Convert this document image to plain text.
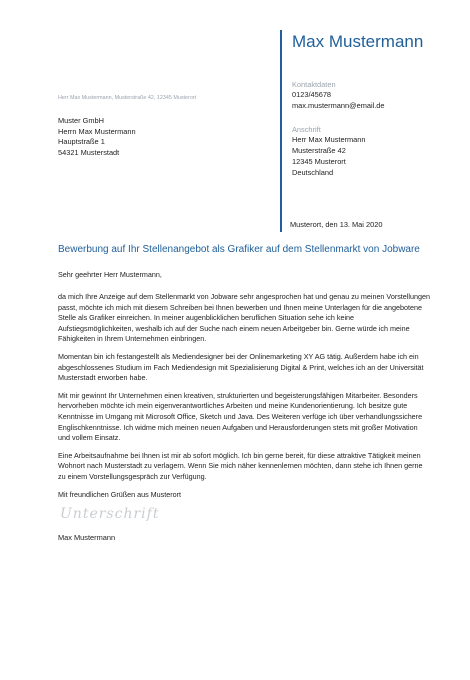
Max Mustermann
Kontaktdaten
0123/45678
max.mustermann@email.de
Anschrift
Herr Max Mustermann
Musterstraße 42
12345 Musterort
Deutschland
Herr Max Mustermann, Musterstraße 42, 12345 Musterort
Muster GmbH
Herrn Max Mustermann
Hauptstraße 1
54321 Musterstadt
Musterort, den 13. Mai 2020
Bewerbung auf Ihr Stellenangebot als Grafiker auf dem Stellenmarkt von Jobware
Sehr geehrter Herr Mustermann,

da mich Ihre Anzeige auf dem Stellenmarkt von Jobware sehr angesprochen hat und genau zu meinen Vorstellungen passt, möchte ich mich mit diesem Schreiben bei Ihnen bewerben und Ihnen meine Unterlagen für die angebotene Stelle als Grafiker einreichen. In meiner augenblicklichen beruflichen Situation sehe ich keine Aufstiegsmöglichkeiten, weshalb ich auf der Suche nach einem neuen Arbeitgeber bin. Gerne würde ich meine Fähigkeiten in Ihrem Unternehmen einbringen.

Momentan bin ich festangestellt als Mediendesigner bei der Onlinemarketing XY AG tätig. Außerdem habe ich ein abgeschlossenes Studium im Fach Mediendesign mit Spezialisierung Digital & Print, welches ich an der Universität Musterstadt erworben habe.

Mit mir gewinnt Ihr Unternehmen einen kreativen, strukturierten und begeisterungsfähigen Mitarbeiter. Besonders hervorheben möchte ich mein eigenverantwortliches Arbeiten und meine Kundenorientierung. Ich besitze gute Kenntnisse im Umgang mit Microsoft Office, Sketch und Java. Des Weiteren verfüge ich über verhandlungssichere Englischkenntnisse. Ich widme mich meinen neuen Aufgaben und Herausforderungen stets mit großer Motivation und vollem Einsatz.

Eine Arbeitsaufnahme bei Ihnen ist mir ab sofort möglich. Ich bin gerne bereit, für diese attraktive Tätigkeit meinen Wohnort nach Musterstadt zu verlagern. Wenn Sie mich näher kennenlernen möchten, dann stehe ich Ihnen gerne zu einem Vorstellungsgespräch zur Verfügung.

Mit freundlichen Grüßen aus Musterort

Unterschrift
Max Mustermann
